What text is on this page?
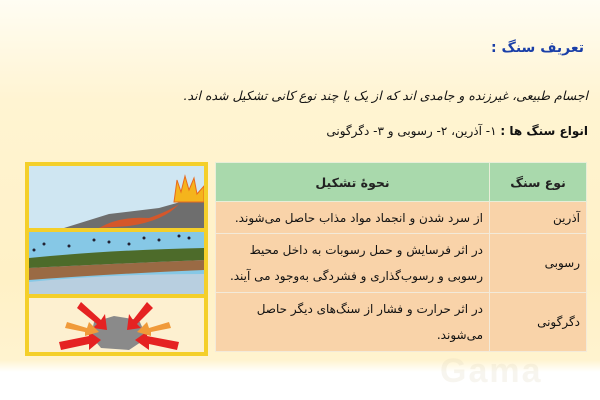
تعریف سنگ :
اجسام طبیعی، غیرزنده و جامدی اند که از یک یا چند نوع کانی تشکیل شده اند.
انواع سنگ ها : ۱- آذرین، ۲- رسوبی و ۳- دگرگونی
نوع سنگ	نحوۀ تشکیل
آذرین	از سرد شدن و انجماد مواد مذاب حاصل می‌شوند.
رسوبی	در اثر فرسایش و حمل رسوبات به داخل محیط رسوبی و رسوب‌گذاری و فشردگی به‌وجود می آیند.
دگرگونی	در اثر حرارت و فشار از سنگ‌های دیگر حاصل می‌شوند.
Gama
